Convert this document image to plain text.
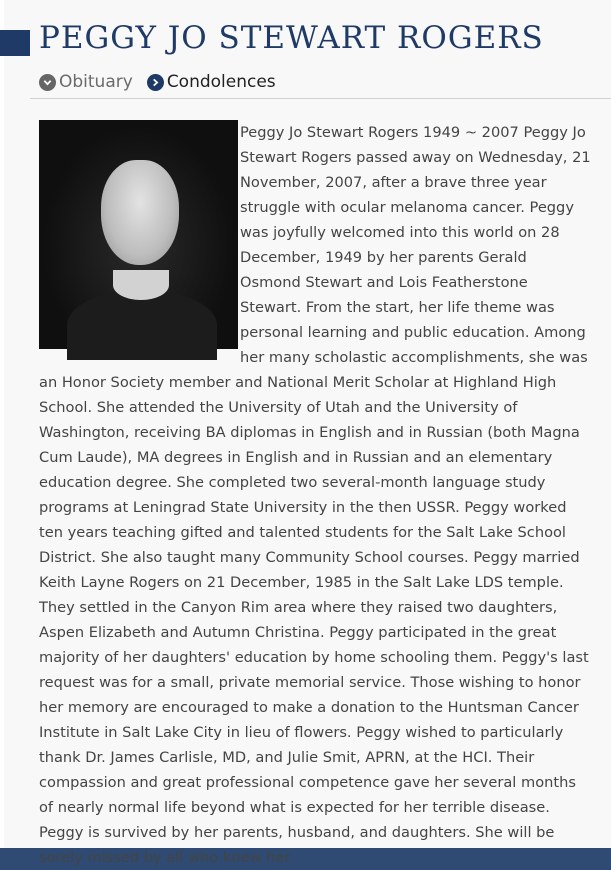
PEGGY JO STEWART ROGERS
Obituary Condolences

Peggy Jo Stewart Rogers 1949 ~ 2007 Peggy Jo Stewart Rogers passed away on Wednesday, 21 November, 2007, after a brave three year struggle with ocular melanoma cancer. Peggy was joyfully welcomed into this world on 28 December, 1949 by her parents Gerald Osmond Stewart and Lois Featherstone Stewart. From the start, her life theme was personal learning and public education. Among her many scholastic accomplishments, she was an Honor Society member and National Merit Scholar at Highland High School. She attended the University of Utah and the University of Washington, receiving BA diplomas in English and in Russian (both Magna Cum Laude), MA degrees in English and in Russian and an elementary education degree. She completed two several-month language study programs at Leningrad State University in the then USSR. Peggy worked ten years teaching gifted and talented students for the Salt Lake School District. She also taught many Community School courses. Peggy married Keith Layne Rogers on 21 December, 1985 in the Salt Lake LDS temple. They settled in the Canyon Rim area where they raised two daughters, Aspen Elizabeth and Autumn Christina. Peggy participated in the great majority of her daughters' education by home schooling them. Peggy's last request was for a small, private memorial service. Those wishing to honor her memory are encouraged to make a donation to the Huntsman Cancer Institute in Salt Lake City in lieu of flowers. Peggy wished to particularly thank Dr. James Carlisle, MD, and Julie Smit, APRN, at the HCI. Their compassion and great professional competence gave her several months of nearly normal life beyond what is expected for her terrible disease. Peggy is survived by her parents, husband, and daughters. She will be sorely missed by all who knew her.
